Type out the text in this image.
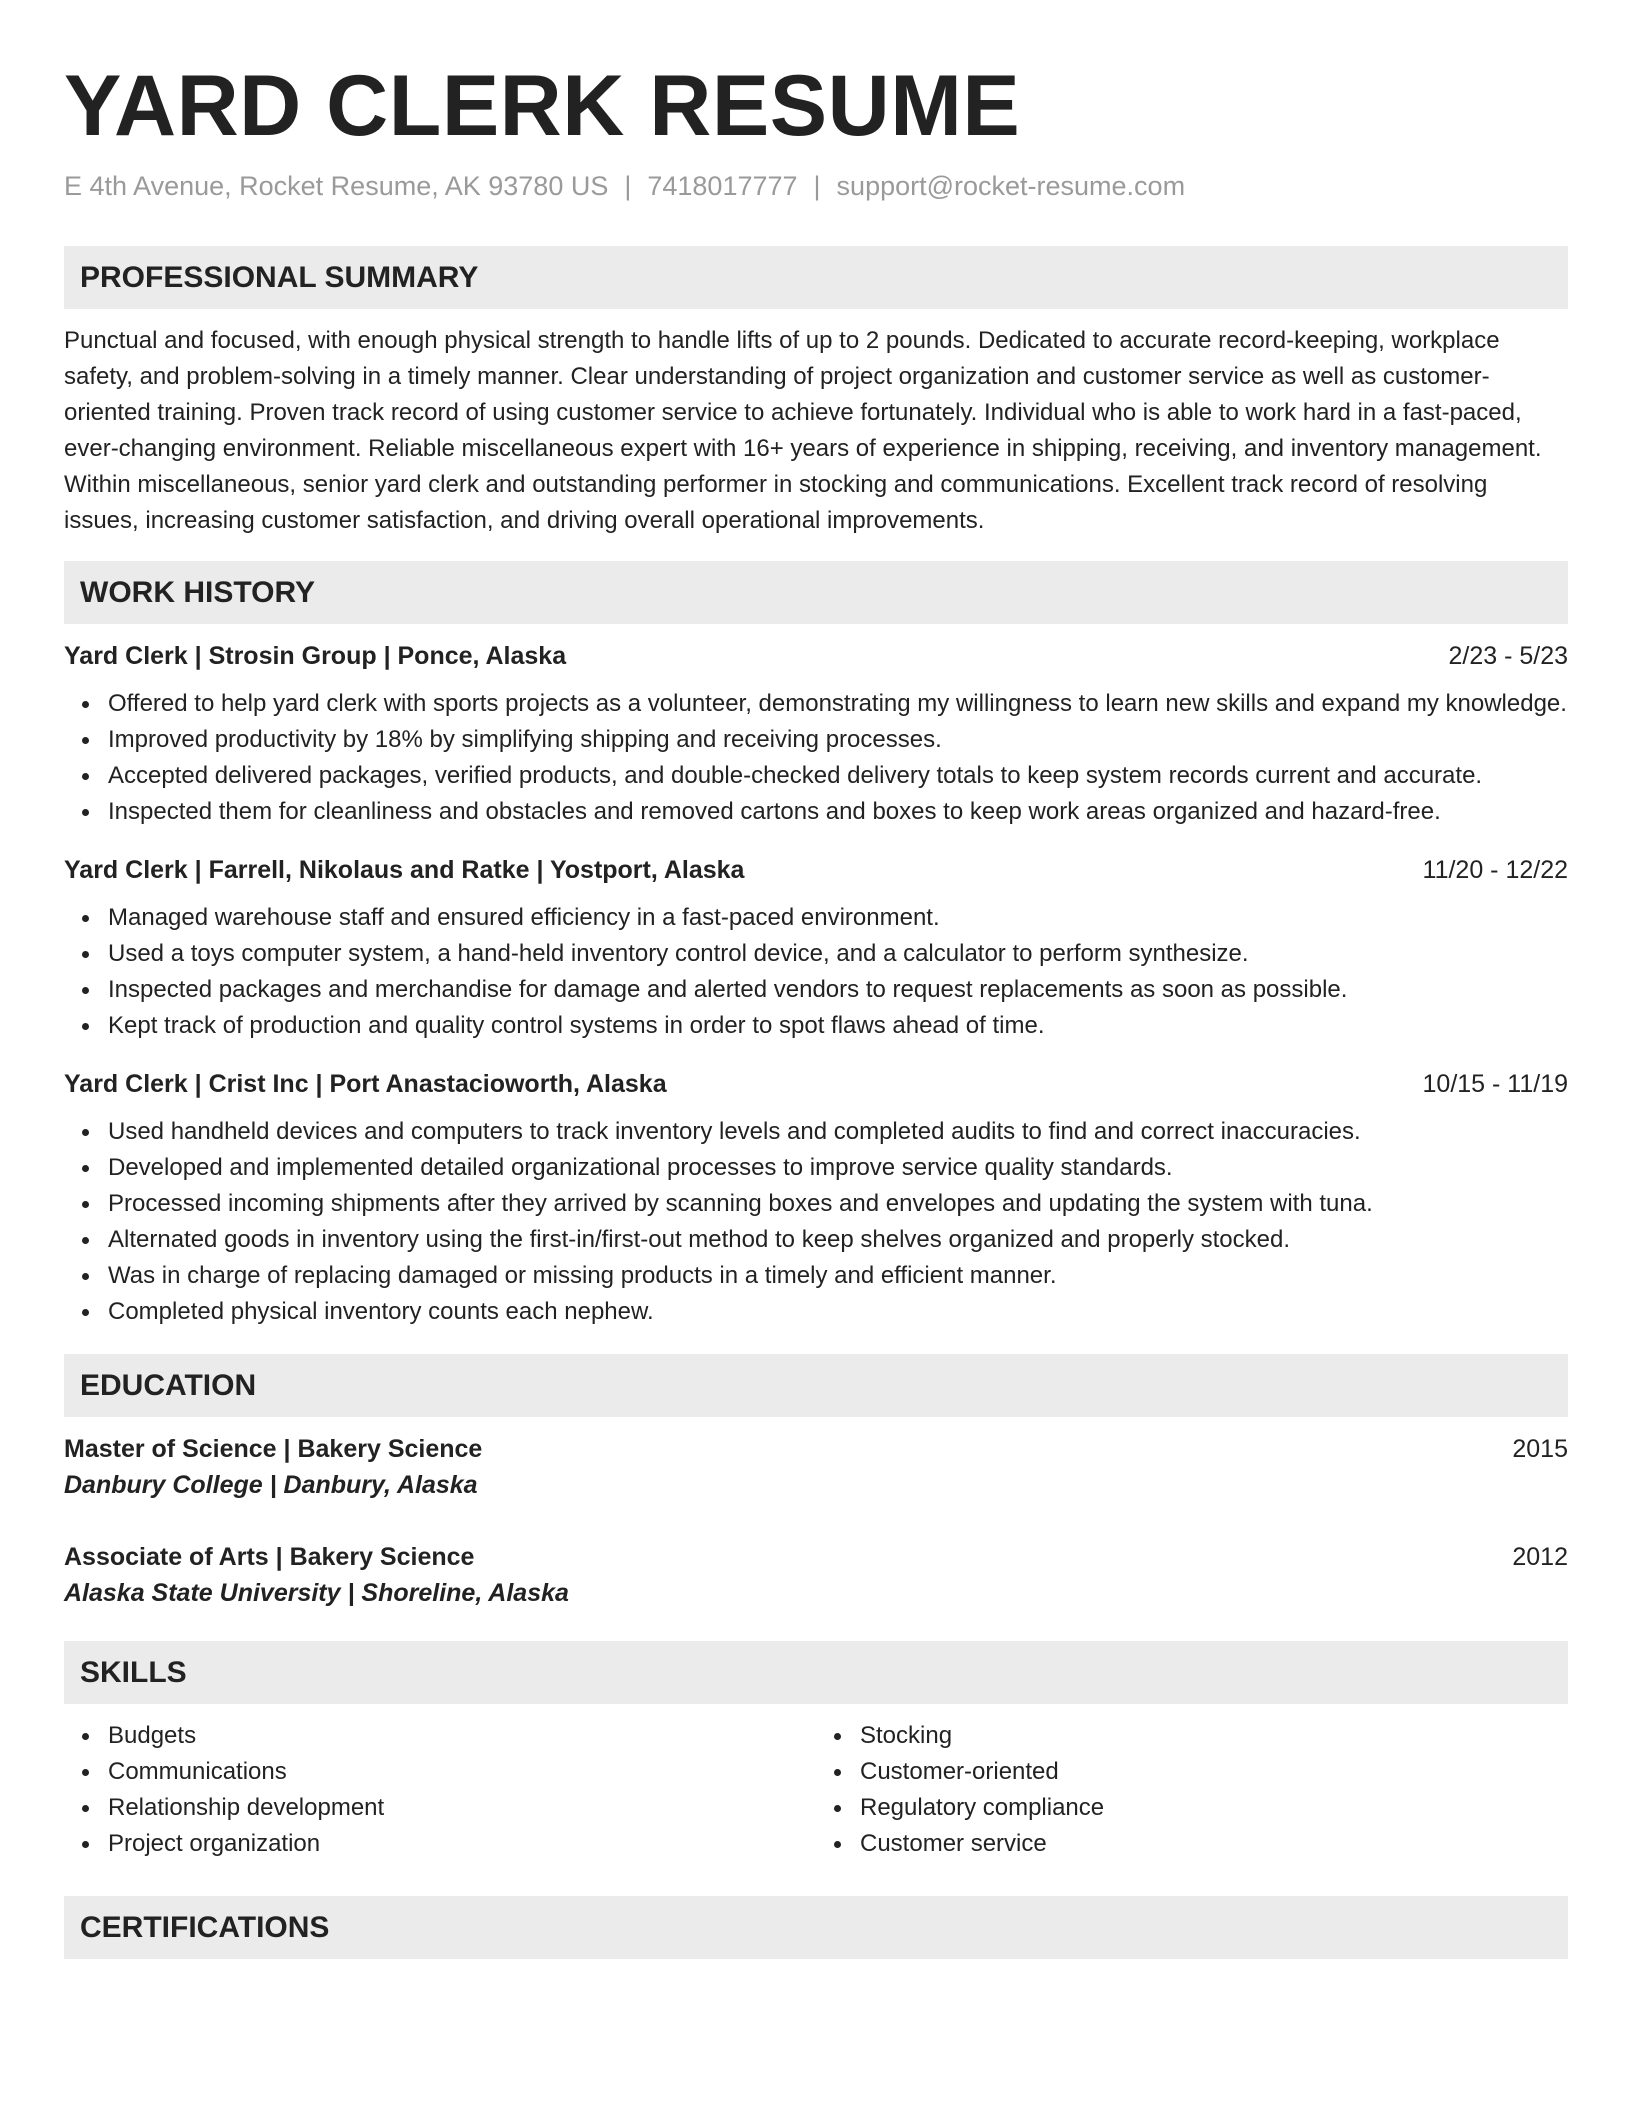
YARD CLERK RESUME
E 4th Avenue, Rocket Resume, AK 93780 US | 7418017777 | support@rocket-resume.com
PROFESSIONAL SUMMARY

Punctual and focused, with enough physical strength to handle lifts of up to 2 pounds. Dedicated to accurate record-keeping, workplace safety, and problem-solving in a timely manner. Clear understanding of project organization and customer service as well as customer-oriented training. Proven track record of using customer service to achieve fortunately. Individual who is able to work hard in a fast-paced, ever-changing environment. Reliable miscellaneous expert with 16+ years of experience in shipping, receiving, and inventory management. Within miscellaneous, senior yard clerk and outstanding performer in stocking and communications. Excellent track record of resolving issues, increasing customer satisfaction, and driving overall operational improvements.

WORK HISTORY
Yard Clerk | Strosin Group | Ponce, Alaska	2/23 - 5/23
Offered to help yard clerk with sports projects as a volunteer, demonstrating my willingness to learn new skills and expand my knowledge.
Improved productivity by 18% by simplifying shipping and receiving processes.
Accepted delivered packages, verified products, and double-checked delivery totals to keep system records current and accurate.
Inspected them for cleanliness and obstacles and removed cartons and boxes to keep work areas organized and hazard-free.
Yard Clerk | Farrell, Nikolaus and Ratke | Yostport, Alaska	11/20 - 12/22
Managed warehouse staff and ensured efficiency in a fast-paced environment.
Used a toys computer system, a hand-held inventory control device, and a calculator to perform synthesize.
Inspected packages and merchandise for damage and alerted vendors to request replacements as soon as possible.
Kept track of production and quality control systems in order to spot flaws ahead of time.
Yard Clerk | Crist Inc | Port Anastacioworth, Alaska	10/15 - 11/19
Used handheld devices and computers to track inventory levels and completed audits to find and correct inaccuracies.
Developed and implemented detailed organizational processes to improve service quality standards.
Processed incoming shipments after they arrived by scanning boxes and envelopes and updating the system with tuna.
Alternated goods in inventory using the first-in/first-out method to keep shelves organized and properly stocked.
Was in charge of replacing damaged or missing products in a timely and efficient manner.
Completed physical inventory counts each nephew.
EDUCATION
Master of Science | Bakery Science	2015
Danbury College | Danbury, Alaska
Associate of Arts | Bakery Science	2012
Alaska State University | Shoreline, Alaska
SKILLS
Budgets
Communications
Relationship development
Project organization
Stocking
Customer-oriented
Regulatory compliance
Customer service
CERTIFICATIONS
